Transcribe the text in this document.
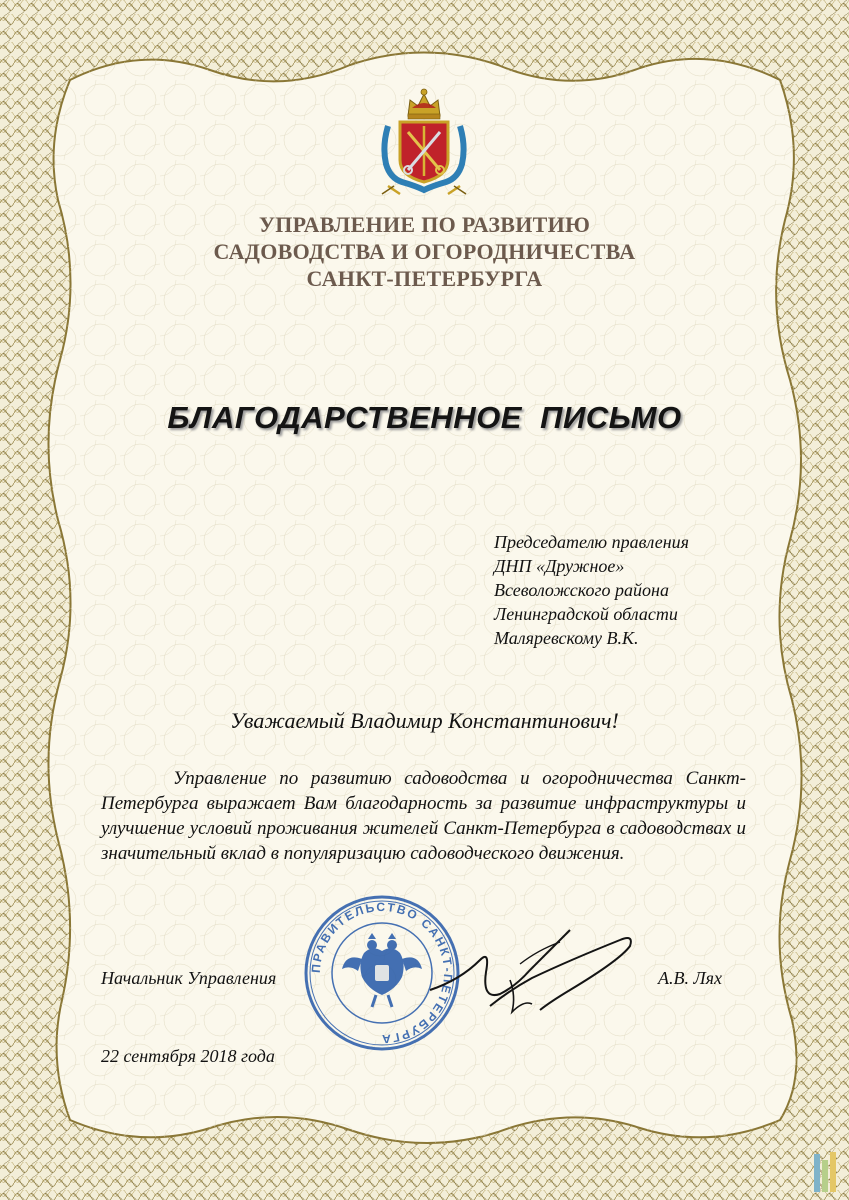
УПРАВЛЕНИЕ ПО РАЗВИТИЮ
САДОВОДСТВА И ОГОРОДНИЧЕСТВА
САНКТ-ПЕТЕРБУРГА
БЛАГОДАРСТВЕННОЕ  ПИСЬМО
Председателю правления
ДНП «Дружное»
Всеволожского района
Ленинградской области
Маляревскому В.К.
Уважаемый Владимир Константинович!
Управление по развитию садоводства и огородничества Санкт-Петербурга выражает Вам благодарность за развитие инфраструктуры и улучшение условий проживания жителей Санкт-Петербурга в садоводствах и значительный вклад в популяризацию садоводческого движения.
ПРАВИТЕЛЬСТВО САНКТ-ПЕТЕРБУРГА
Начальник Управления	А.В. Лях
22 сентября 2018 года
